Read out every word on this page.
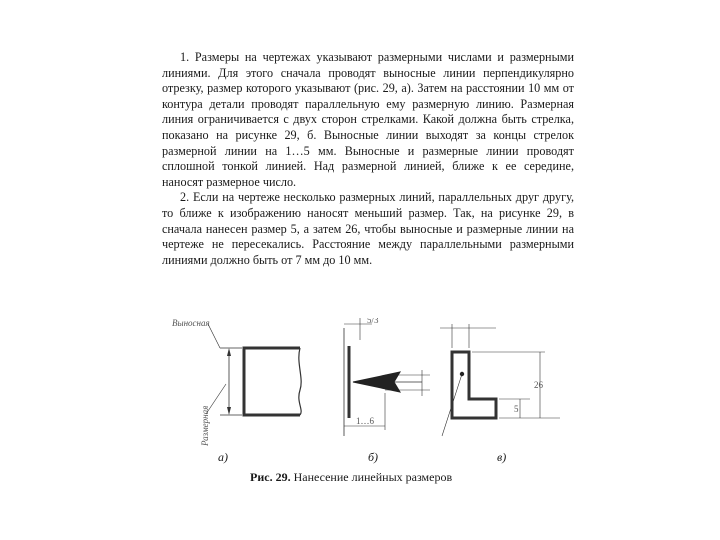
1. Размеры на чертежах указывают размерными числами и размерными линиями. Для этого сначала проводят выносные линии перпендикулярно отрезку, размер которого указывают (рис. 29, а). Затем на расстоянии 10 мм от контура детали проводят параллельную ему размерную линию. Размерная линия ограничивается с двух сторон стрелками. Какой должна быть стрелка, показано на рисунке 29, б. Выносные линии выходят за концы стрелок размерной линии на 1…5 мм. Выносные и размерные линии проводят сплошной тонкой линией. Над размерной линией, ближе к ее середине, наносят размерное число.

2. Если на чертеже несколько размерных линий, параллельных друг другу, то ближе к изображению наносят меньший размер. Так, на рисунке 29, в сначала нанесен размер 5, а затем 26, чтобы выносные и размерные линии на чертеже не пересекались. Расстояние между параллельными размерными линиями должно быть от 7 мм до 10 мм.

Выносная
Размерная
5/3
1…6
5
26
а)	б)	в)
Рис. 29. Нанесение линейных размеров
